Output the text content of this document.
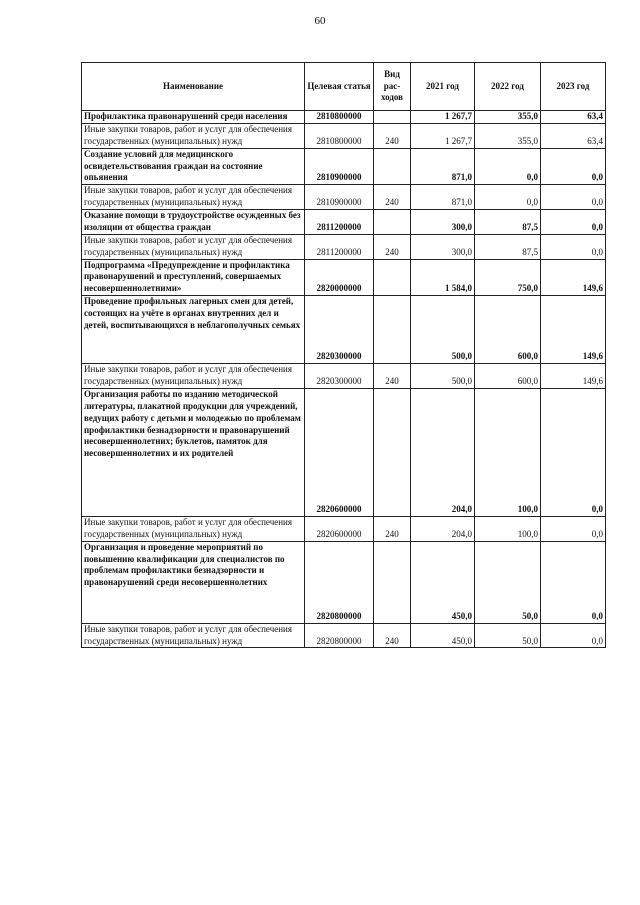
60
Наименование	Целевая статья	Вид рас-ходов	2021 год	2022 год	2023 год
Профилактика правонарушений среди населения	2810800000		1 267,7	355,0	63,4
Иные закупки товаров, работ и услуг для обеспечения государственных (муниципальных) нужд	2810800000	240	1 267,7	355,0	63,4
Создание условий для медицинского освидетельствования граждан на состояние опьянения	2810900000		871,0	0,0	0,0
Иные закупки товаров, работ и услуг для обеспечения государственных (муниципальных) нужд	2810900000	240	871,0	0,0	0,0
Оказание помощи в трудоустройстве осужденных без изоляции от общества граждан	2811200000		300,0	87,5	0,0
Иные закупки товаров, работ и услуг для обеспечения государственных (муниципальных) нужд	2811200000	240	300,0	87,5	0,0
Подпрограмма «Предупреждение и профилактика правонарушений и преступлений, совершаемых несовершеннолетними»	2820000000		1 584,0	750,0	149,6
Проведение профильных лагерных смен для детей, состоящих на учёте в органах внутренних дел и детей, воспитывающихся в неблагополучных семьях	2820300000		500,0	600,0	149,6
Иные закупки товаров, работ и услуг для обеспечения государственных (муниципальных) нужд	2820300000	240	500,0	600,0	149,6
Организация работы по изданию методической литературы, плакатной продукции для учреждений, ведущих работу с детьми и молодежью по проблемам профилактики безнадзорности и правонарушений несовершеннолетних; буклетов, памяток для несовершеннолетних и их родителей	2820600000		204,0	100,0	0,0
Иные закупки товаров, работ и услуг для обеспечения государственных (муниципальных) нужд	2820600000	240	204,0	100,0	0,0
Организация и проведение мероприятий по повышению квалификации для специалистов по проблемам профилактики безнадзорности и правонарушений среди несовершеннолетних	2820800000		450,0	50,0	0,0
Иные закупки товаров, работ и услуг для обеспечения государственных (муниципальных) нужд	2820800000	240	450,0	50,0	0,0
